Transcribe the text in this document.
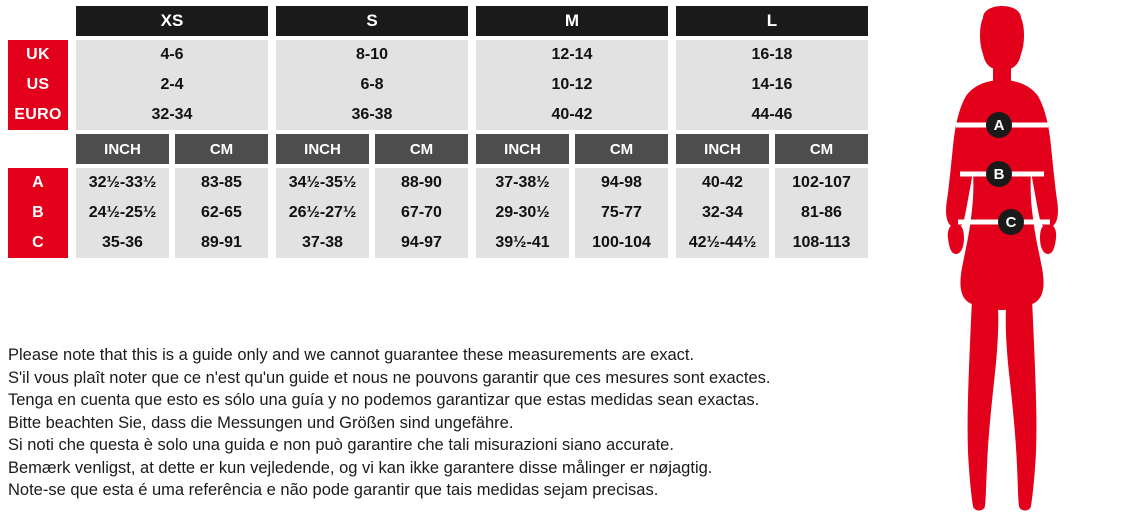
XS	S	M	L
UK	4-6	8-10	12-14	16-18
US	2-4	6-8	10-12	14-16
EURO	32-34	36-38	40-42	44-46
INCH	CM	INCH	CM	INCH	CM	INCH	CM
A	32½-33½	83-85	34½-35½	88-90	37-38½	94-98	40-42	102-107
B	24½-25½	62-65	26½-27½	67-70	29-30½	75-77	32-34	81-86
C	35-36	89-91	37-38	94-97	39½-41	100-104	42½-44½	108-113

Please note that this is a guide only and we cannot guarantee these measurements are exact.

S'il vous plaît noter que ce n'est qu'un guide et nous ne pouvons garantir que ces mesures sont exactes.

Tenga en cuenta que esto es sólo una guía y no podemos garantizar que estas medidas sean exactas.

Bitte beachten Sie, dass die Messungen und Größen sind ungefähre.

Si noti che questa è solo una guida e non può garantire che tali misurazioni siano accurate.

Bemærk venligst, at dette er kun vejledende, og vi kan ikke garantere disse målinger er nøjagtig.

Note-se que esta é uma referência e não pode garantir que tais medidas sejam precisas.

A
B
C
